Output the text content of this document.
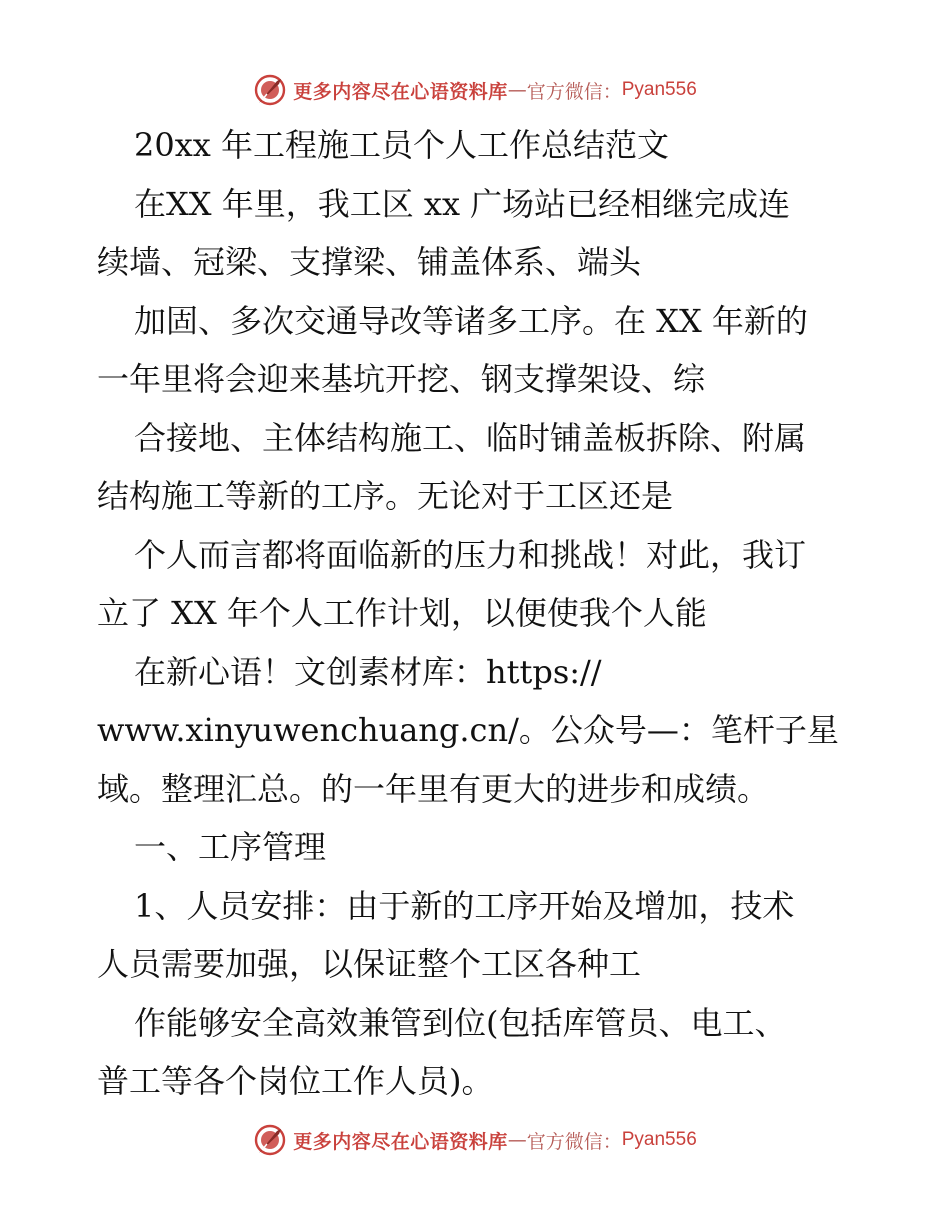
更多内容尽在心语资料库 — 官方微信： Pyan556
20xx 年工程施工员个人工作总结范文
在XX 年里，我工区 xx 广场站已经相继完成连
续墙、冠梁、支撑梁、铺盖体系、端头
加固、多次交通导改等诸多工序。在 XX 年新的
一年里将会迎来基坑开挖、钢支撑架设、综
合接地、主体结构施工、临时铺盖板拆除、附属
结构施工等新的工序。无论对于工区还是
个人而言都将面临新的压力和挑战！对此，我订
立了 XX 年个人工作计划，以便使我个人能
在新心语！文创素材库：https://
www.xinyuwenchuang.cn/。公众号—：笔杆子星
域。整理汇总。的一年里有更大的进步和成绩。
一、工序管理
1、人员安排：由于新的工序开始及增加，技术
人员需要加强，以保证整个工区各种工
作能够安全高效兼管到位(包括库管员、电工、
普工等各个岗位工作人员)。
更多内容尽在心语资料库 — 官方微信： Pyan556
